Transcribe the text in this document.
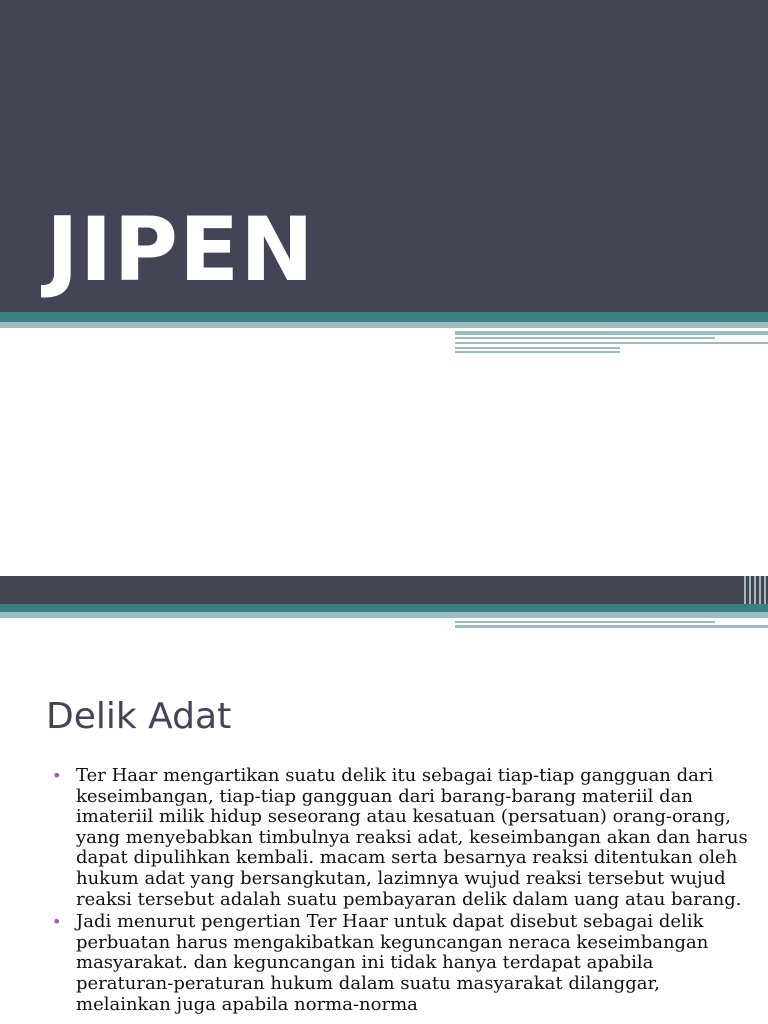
JIPEN
Delik Adat
• Ter Haar mengartikan suatu delik itu sebagai tiap-tiap gangguan dari keseimbangan, tiap-tiap gangguan dari barang-barang materiil dan imateriil milik hidup seseorang atau kesatuan (persatuan) orang-orang, yang menyebabkan timbulnya reaksi adat, keseimbangan akan dan harus dapat dipulihkan kembali. macam serta besarnya reaksi ditentukan oleh hukum adat yang bersangkutan, lazimnya wujud reaksi tersebut wujud reaksi tersebut adalah suatu pembayaran delik dalam uang atau barang.
• Jadi menurut pengertian Ter Haar untuk dapat disebut sebagai delik perbuatan harus mengakibatkan keguncangan neraca keseimbangan masyarakat. dan keguncangan ini tidak hanya terdapat apabila peraturan-peraturan hukum dalam suatu masyarakat dilanggar, melainkan juga apabila norma-norma
